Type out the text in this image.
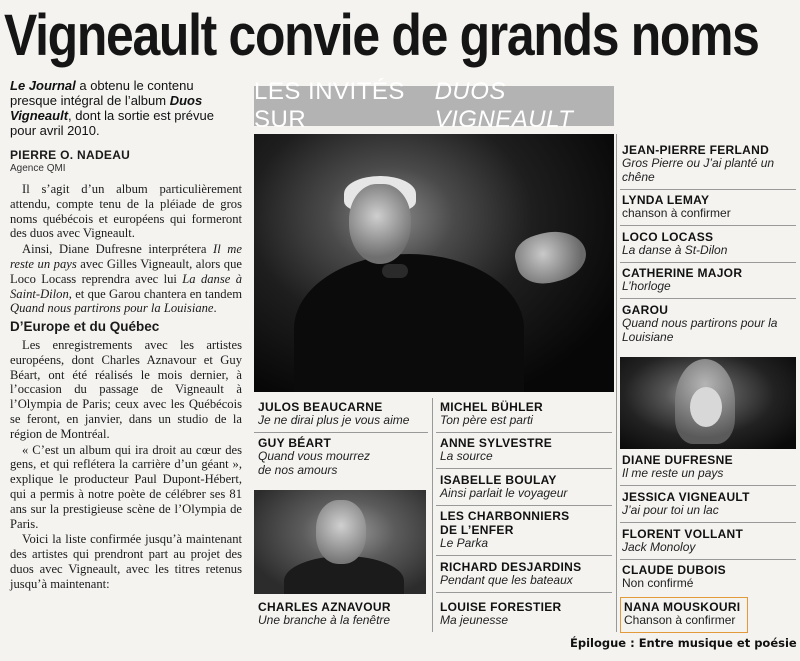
Vigneault convie de grands noms
Le Journal a obtenu le contenu presque intégral de l’album Duos Vigneault, dont la sortie est prévue pour avril 2010.
PIERRE O. NADEAU
Agence QMI

Il s’agit d’un album particulièrement attendu, compte tenu de la pléiade de gros noms québécois et européens qui formeront des duos avec Vigneault.

Ainsi, Diane Dufresne interprétera Il me reste un pays avec Gilles Vigneault, alors que Loco Locass reprendra avec lui La danse à Saint-Dilon, et que Garou chantera en tandem Quand nous partirons pour la Louisiane.

D’Europe et du Québec

Les enregistrements avec les artistes européens, dont Charles Aznavour et Guy Béart, ont été réalisés le mois dernier, à l’occasion du passage de Vigneault à l’Olympia de Paris; ceux avec les Québécois se feront, en janvier, dans un studio de la région de Montréal.

« C’est un album qui ira droit au cœur des gens, et qui reflétera la carrière d’un géant », explique le producteur Paul Dupont-Hébert, qui a permis à notre poète de célébrer ses 81 ans sur la prestigieuse scène de l’Olympia de Paris.

Voici la liste confirmée jusqu’à maintenant des artistes qui prendront part au projet des duos avec Vigneault, avec les titres retenus jusqu’à maintenant:

LES INVITÉS SUR
DUOS VIGNEAULT
JEAN-PIERRE FERLAND
Gros Pierre ou J’ai planté un chêne
LYNDA LEMAY
chanson à confirmer
LOCO LOCASS
La danse à St-Dilon
CATHERINE MAJOR
L’horloge
GAROU
Quand nous partirons pour la Louisiane
DIANE DUFRESNE
Il me reste un pays
JESSICA VIGNEAULT
J’ai pour toi un lac
FLORENT VOLLANT
Jack Monoloy
CLAUDE DUBOIS
Non confirmé
NANA MOUSKOURI
Chanson à confirmer
JULOS BEAUCARNE
Je ne dirai plus je vous aime
GUY BÉART
Quand vous mourrez de nos amours
CHARLES AZNAVOUR
Une branche à la fenêtre
MICHEL BÜHLER
Ton père est parti
ANNE SYLVESTRE
La source
ISABELLE BOULAY
Ainsi parlait le voyageur
LES CHARBONNIERS DE L’ENFER
Le Parka
RICHARD DESJARDINS
Pendant que les bateaux
LOUISE FORESTIER
Ma jeunesse
Épilogue : Entre musique et poésie
